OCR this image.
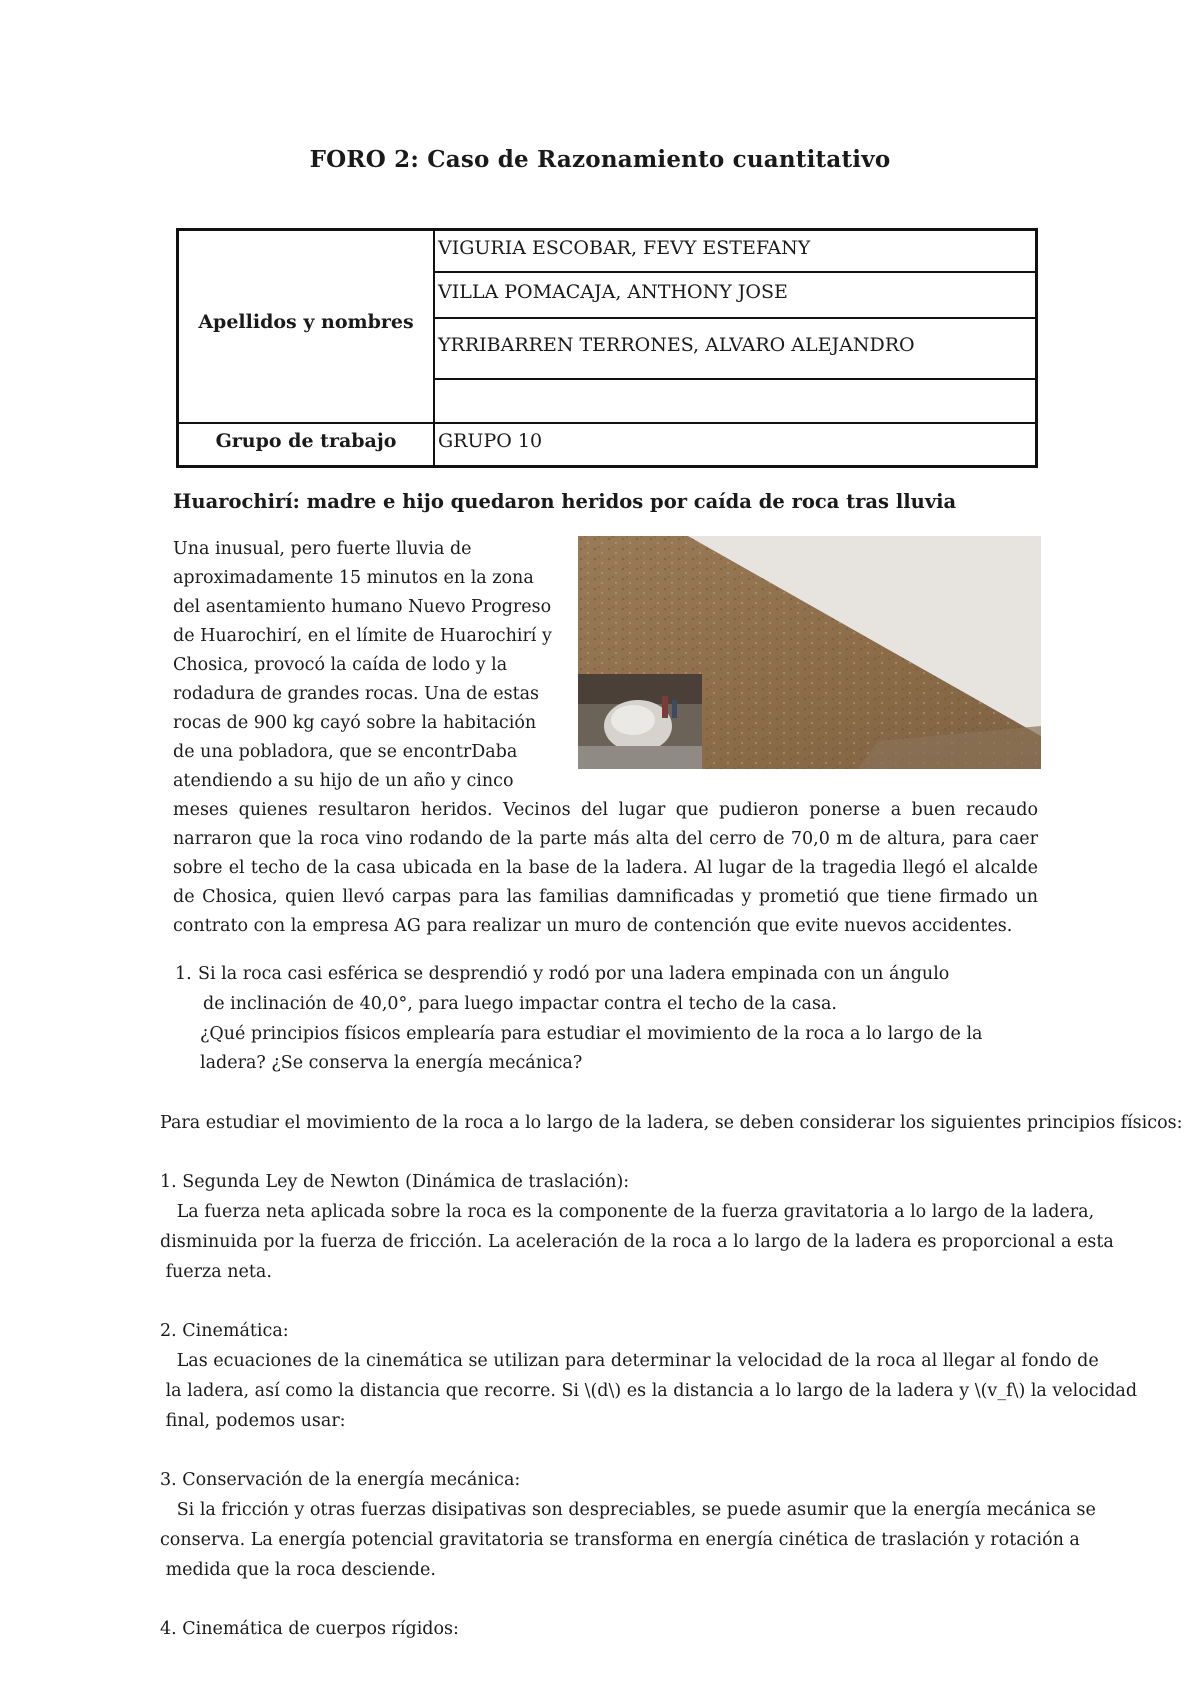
FORO 2: Caso de Razonamiento cuantitativo
Apellidos y nombres
VIGURIA ESCOBAR, FEVY ESTEFANY
VILLA POMACAJA, ANTHONY JOSE
YRRIBARREN TERRONES, ALVARO ALEJANDRO
Grupo de trabajo	GRUPO 10
Huarochirí: madre e hijo quedaron heridos por caída de roca tras lluvia
Una inusual, pero fuerte lluvia de
aproximadamente 15 minutos en la zona
del asentamiento humano Nuevo Progreso
de Huarochirí, en el límite de Huarochirí y
Chosica, provocó la caída de lodo y la
rodadura de grandes rocas. Una de estas
rocas de 900 kg cayó sobre la habitación
de una pobladora, que se encontrDaba
atendiendo a su hijo de un año y cinco
meses quienes resultaron heridos. Vecinos del lugar que pudieron ponerse a buen recaudo
narraron que la roca vino rodando de la parte más alta del cerro de 70,0 m de altura, para caer
sobre el techo de la casa ubicada en la base de la ladera. Al lugar de la tragedia llegó el alcalde
de Chosica, quien llevó carpas para las familias damnificadas y prometió que tiene firmado un
contrato con la empresa AG para realizar un muro de contención que evite nuevos accidentes.
1. Si la roca casi esférica se desprendió y rodó por una ladera empinada con un ángulo
de inclinación de 40,0°, para luego impactar contra el techo de la casa.
¿Qué principios físicos emplearía para estudiar el movimiento de la roca a lo largo de la
ladera? ¿Se conserva la energía mecánica?
Para estudiar el movimiento de la roca a lo largo de la ladera, se deben considerar los siguientes principios físicos:
1. Segunda Ley de Newton (Dinámica de traslación):
La fuerza neta aplicada sobre la roca es la componente de la fuerza gravitatoria a lo largo de la ladera,
disminuida por la fuerza de fricción. La aceleración de la roca a lo largo de la ladera es proporcional a esta
fuerza neta.
2. Cinemática:
Las ecuaciones de la cinemática se utilizan para determinar la velocidad de la roca al llegar al fondo de
la ladera, así como la distancia que recorre. Si \(d\) es la distancia a lo largo de la ladera y \(v_f\) la velocidad
final, podemos usar:
3. Conservación de la energía mecánica:
Si la fricción y otras fuerzas disipativas son despreciables, se puede asumir que la energía mecánica se
conserva. La energía potencial gravitatoria se transforma en energía cinética de traslación y rotación a
medida que la roca desciende.
4. Cinemática de cuerpos rígidos:
